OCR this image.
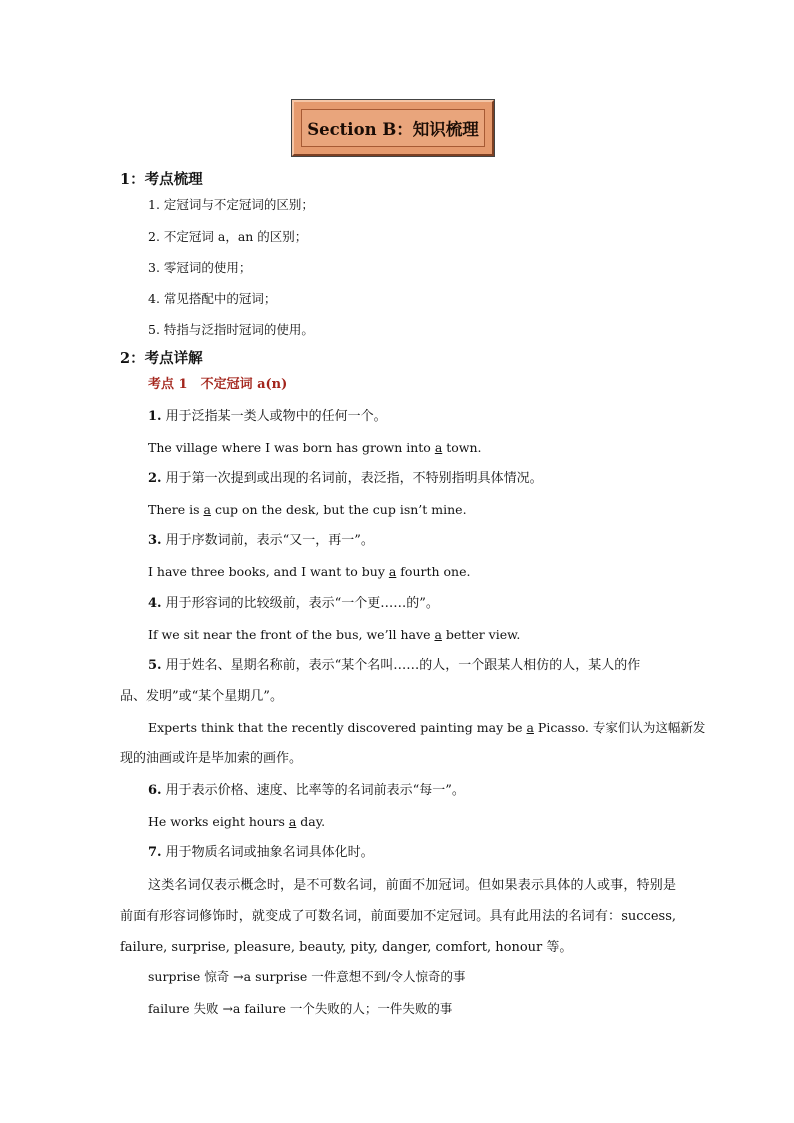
Section B：知识梳理
1：考点梳理
1. 定冠词与不定冠词的区别；
2. 不定冠词 a，an 的区别；
3. 零冠词的使用；
4. 常见搭配中的冠词；
5. 特指与泛指时冠词的使用。
2：考点详解
考点 1　不定冠词 a(n)
1. 用于泛指某一类人或物中的任何一个。
The village where I was born has grown into a town.
2. 用于第一次提到或出现的名词前，表泛指，不特别指明具体情况。
There is a cup on the desk, but the cup isn’t mine.
3. 用于序数词前，表示“又一，再一”。
I have three books, and I want to buy a fourth one.
4. 用于形容词的比较级前，表示“一个更……的”。
If we sit near the front of the bus, we’ll have a better view.
5. 用于姓名、星期名称前，表示“某个名叫……的人，一个跟某人相仿的人，某人的作
品、发明”或“某个星期几”。
Experts think that the recently discovered painting may be a Picasso. 专家们认为这幅新发
现的油画或许是毕加索的画作。
6. 用于表示价格、速度、比率等的名词前表示“每一”。
He works eight hours a day.
7. 用于物质名词或抽象名词具体化时。
这类名词仅表示概念时，是不可数名词，前面不加冠词。但如果表示具体的人或事，特别是前面有形容词修饰时，就变成了可数名词，前面要加不定冠词。具有此用法的名词有：success, failure, surprise, pleasure, beauty, pity, danger, comfort, honour 等。
surprise 惊奇 →a surprise 一件意想不到/令人惊奇的事
failure 失败 →a failure 一个失败的人；一件失败的事
